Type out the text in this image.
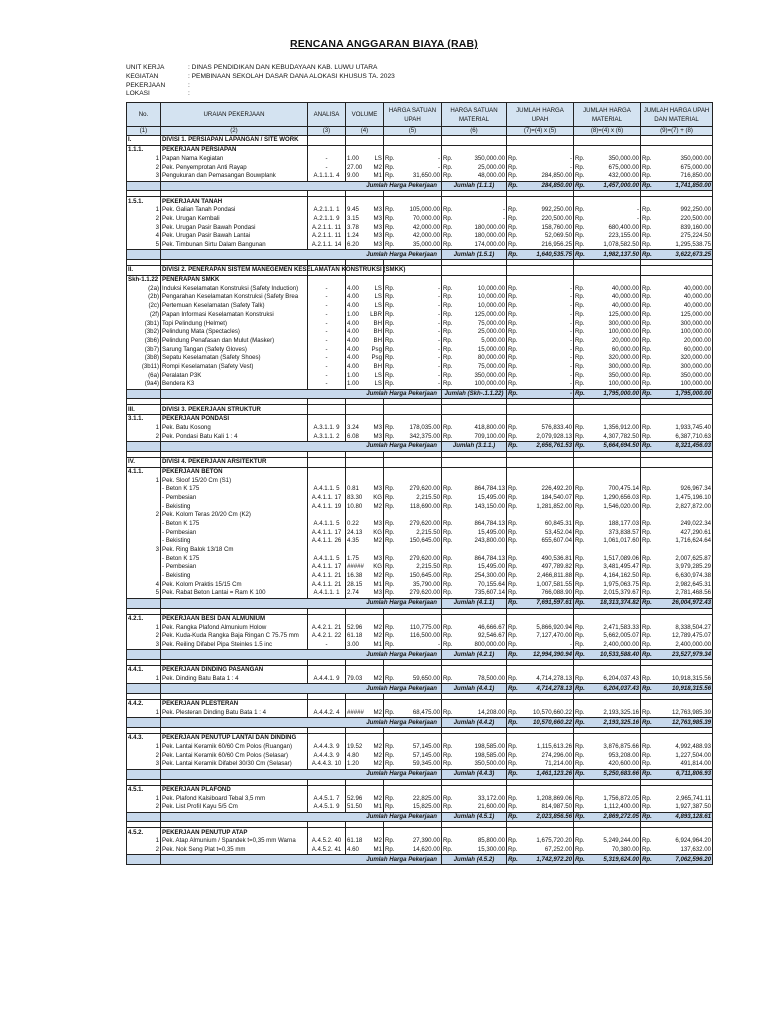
RENCANA ANGGARAN BIAYA (RAB)
UNIT KERJA	: DINAS PENDIDIKAN DAN KEBUDAYAAN KAB. LUWU UTARA
KEGIATAN	: PEMBINAAN SEKOLAH DASAR DANA ALOKASI KHUSUS TA. 2023
PEKERJAAN	:
LOKASI	:
No.	URAIAN PEKERJAAN	ANALISA	VOLUME	HARGA SATUAN UPAH	HARGA SATUAN MATERIAL	JUMLAH HARGA UPAH	JUMLAH HARGA MATERIAL	JUMLAH HARGA UPAH DAN MATERIAL
(1)	(2)	(3)	(4)	(5)	(6)	(7)=(4) x (5)	(8)=(4) x (6)	(9)=(7) + (8)
I.	DIVISI 1. PERSIAPAN LAPANGAN / SITE WORK							
1.1.1.	PEKERJAAN PERSIAPAN							
1	Papan Nama Kegiatan	-	1.00 LS	Rp. -	Rp. 350,000.00	Rp. -	Rp. 350,000.00	Rp. 350,000.00

2	Pek. Penyemprotan Anti Rayap	-	27.00 M2	Rp. -	Rp. 25,000.00	Rp. -	Rp. 675,000.00	Rp. 675,000.00

3	Pengukuran dan Pemasangan Bouwplank	A.1.1.1. 4	9.00 M1	Rp. 31,650.00	Rp. 48,000.00	Rp. 284,850.00	Rp. 432,000.00	Rp. 716,850.00

	Jumlah Harga Pekerjaan				Jumlah (1.1.1)	Rp. 284,850.00	Rp. 1,457,000.00	Rp. 1,741,850.00

1.5.1.	PEKERJAAN TANAH							
1	Pek. Galian Tanah Pondasi	A.2.1.1. 1	9.45 M3	Rp. 105,000.00	Rp. -	Rp. 992,250.00	Rp. -	Rp. 992,250.00

2	Pek. Urugan Kembali	A.2.1.1. 9	3.15 M3	Rp. 70,000.00	Rp. -	Rp. 220,500.00	Rp. -	Rp. 220,500.00

3	Pek. Urugan Pasir Bawah Pondasi	A.2.1.1. 11	3.78 M3	Rp. 42,000.00	Rp. 180,000.00	Rp. 158,760.00	Rp. 680,400.00	Rp. 839,160.00

4	Pek. Urugan Pasir Bawah Lantai	A.2.1.1. 11	1.24 M3	Rp. 42,000.00	Rp. 180,000.00	Rp. 52,069.50	Rp. 223,155.00	Rp. 275,224.50

5	Pek. Timbunan Sirtu Dalam Bangunan	A.2.1.1. 14	6.20 M3	Rp. 35,000.00	Rp. 174,000.00	Rp. 216,956.25	Rp. 1,078,582.50	Rp. 1,295,538.75

	Jumlah Harga Pekerjaan				Jumlah (1.5.1)	Rp. 1,640,535.75	Rp. 1,982,137.50	Rp. 3,622,673.25

II.	DIVISI 2. PENERAPAN SISTEM MANEGEMEN KESELAMATAN KONSTRUKSI (SMKK)							
Skh-1.1.22	PENERAPAN SMKK							
(2a)	Induksi Keselamatan Konstruksi (Safety Induction)	-	4.00 LS	Rp. -	Rp. 10,000.00	Rp. -	Rp. 40,000.00	Rp. 40,000.00

(2b)	Pengarahan Keselamatan Konstruksi (Safety Brea	-	4.00 LS	Rp. -	Rp. 10,000.00	Rp. -	Rp. 40,000.00	Rp. 40,000.00

(2c)	Pertemuan Keselamatan (Safety Talk)	-	4.00 LS	Rp. -	Rp. 10,000.00	Rp. -	Rp. 40,000.00	Rp. 40,000.00

(2f)	Papan Informasi Keselamatan Konstruksi	-	1.00 LBR	Rp. -	Rp. 125,000.00	Rp. -	Rp. 125,000.00	Rp. 125,000.00

(3b1)	Topi Pelindung (Helmet)	-	4.00 BH	Rp. -	Rp. 75,000.00	Rp. -	Rp. 300,000.00	Rp. 300,000.00

(3b2)	Pelindung Mata (Spectacles)	-	4.00 BH	Rp. -	Rp. 25,000.00	Rp. -	Rp. 100,000.00	Rp. 100,000.00

(3b6)	Pelindung Penafasan dan Mulut (Masker)	-	4.00 BH	Rp. -	Rp. 5,000.00	Rp. -	Rp. 20,000.00	Rp. 20,000.00

(3b7)	Sarung Tangan (Safety Gloves)	-	4.00 Psg	Rp. -	Rp. 15,000.00	Rp. -	Rp. 60,000.00	Rp. 60,000.00

(3b8)	Sepatu Keselamatan (Safety Shoes)	-	4.00 Psg	Rp. -	Rp. 80,000.00	Rp. -	Rp. 320,000.00	Rp. 320,000.00

(3b11)	Rompi Keselamatan (Safety Vest)	-	4.00 BH	Rp. -	Rp. 75,000.00	Rp. -	Rp. 300,000.00	Rp. 300,000.00

(6a)	Peralatan P3K	-	1.00 LS	Rp. -	Rp. 350,000.00	Rp. -	Rp. 350,000.00	Rp. 350,000.00

(9a4)	Bendera K3	-	1.00 LS	Rp. -	Rp. 100,000.00	Rp. -	Rp. 100,000.00	Rp. 100,000.00

	Jumlah Harga Pekerjaan				Jumlah (Skh-.1.1.22)	Rp. -	Rp. 1,795,000.00	Rp. 1,795,000.00

III.	DIVISI 3. PEKERJAAN STRUKTUR							
3.1.1.	PEKERJAAN PONDASI							
1	Pek. Batu Kosong	A.3.1.1. 9	3.24 M3	Rp. 178,035.00	Rp. 418,800.00	Rp. 576,833.40	Rp. 1,356,912.00	Rp. 1,933,745.40

2	Pek. Pondasi Batu Kali 1 : 4	A.3.1.1. 2	6.08 M3	Rp. 342,375.00	Rp. 709,100.00	Rp. 2,079,928.13	Rp. 4,307,782.50	Rp. 6,387,710.63

	Jumlah Harga Pekerjaan				Jumlah (3.1.1.)	Rp. 2,656,761.53	Rp. 5,664,694.50	Rp. 8,321,456.03

IV.	DIVISI 4. PEKERJAAN ARSITEKTUR							
4.1.1.	PEKERJAAN BETON							
1	Pek. Sloof 15/20 Cm (S1)							
	- Beton K 175	A.4.1.1. 5	0.81 M3	Rp. 279,620.00	Rp. 864,784.13	Rp. 226,492.20	Rp. 700,475.14	Rp. 926,967.34

	- Pembesian	A.4.1.1. 17	83.30 KG	Rp. 2,215.50	Rp. 15,495.00	Rp. 184,540.07	Rp. 1,290,656.03	Rp. 1,475,196.10

	- Bekisting	A.4.1.1. 19	10.80 M2	Rp. 118,690.00	Rp. 143,150.00	Rp. 1,281,852.00	Rp. 1,546,020.00	Rp. 2,827,872.00

2	Pek. Kolom Teras 20/20 Cm (K2)							
	- Beton K 175	A.4.1.1. 5	0.22 M3	Rp. 279,620.00	Rp. 864,784.13	Rp. 60,845.31	Rp. 188,177.03	Rp. 249,022.34

	- Pembesian	A.4.1.1. 17	24.13 KG	Rp. 2,215.50	Rp. 15,495.00	Rp. 53,452.04	Rp. 373,838.57	Rp. 427,290.61

	- Bekisting	A.4.1.1. 26	4.35 M2	Rp. 150,645.00	Rp. 243,800.00	Rp. 655,607.04	Rp. 1,061,017.60	Rp. 1,716,624.64

3	Pek. Ring Balok 13/18 Cm							
	- Beton K 175	A.4.1.1. 5	1.75 M3	Rp. 279,620.00	Rp. 864,784.13	Rp. 490,536.81	Rp. 1,517,089.06	Rp. 2,007,625.87

	- Pembesian	A.4.1.1. 17	##### KG	Rp. 2,215.50	Rp. 15,495.00	Rp. 497,789.82	Rp. 3,481,495.47	Rp. 3,979,285.29

	- Bekisting	A.4.1.1. 21	16.38 M2	Rp. 150,645.00	Rp. 254,300.00	Rp. 2,466,811.88	Rp. 4,164,162.50	Rp. 6,630,974.38

4	Pek. Kolom Praktis 15/15 Cm	A.4.1.1. 21	28.15 M1	Rp. 35,790.00	Rp. 70,155.64	Rp. 1,007,581.55	Rp. 1,975,063.75	Rp. 2,982,645.31

5	Pek. Rabat Beton Lantai = Ram K 100	A.4.1.1. 1	2.74 M3	Rp. 279,620.00	Rp. 735,607.14	Rp. 766,088.90	Rp. 2,015,379.67	Rp. 2,781,468.56

	Jumlah Harga Pekerjaan				Jumlah (4.1.1)	Rp. 7,691,597.61	Rp. 18,313,374.82	Rp. 26,004,972.43

4.2.1.	PEKERJAAN BESI DAN ALMUNIUM							
1	Pek. Rangka Plafond Almunium Holow	A.4.2.1. 21	52.96 M2	Rp. 110,775.00	Rp. 46,666.67	Rp. 5,866,920.94	Rp. 2,471,583.33	Rp. 8,338,504.27

2	Pek. Kuda-Kuda Rangka Baja Ringan C 75.75 mm	A.4.2.1. 22	61.18 M2	Rp. 116,500.00	Rp. 92,546.67	Rp. 7,127,470.00	Rp. 5,662,005.07	Rp. 12,789,475.07

3	Pek. Reiling Difabel Pipa Steinles 1.5 inc	-	3.00 M1	Rp. -	Rp. 800,000.00	Rp. -	Rp. 2,400,000.00	Rp. 2,400,000.00

	Jumlah Harga Pekerjaan				Jumlah (4.2.1)	Rp. 12,994,390.94	Rp. 10,533,588.40	Rp. 23,527,979.34

4.4.1.	PEKERJAAN DINDING PASANGAN							
1	Pek. Dinding Batu Bata 1 : 4	A.4.4.1. 9	79.03 M2	Rp. 59,650.00	Rp. 78,500.00	Rp. 4,714,278.13	Rp. 6,204,037.43	Rp. 10,918,315.56

	Jumlah Harga Pekerjaan				Jumlah (4.4.1)	Rp. 4,714,278.13	Rp. 6,204,037.43	Rp. 10,918,315.56

4.4.2.	PEKERJAAN PLESTERAN							
1	Pek. Plesteran Dinding Batu Bata 1 : 4	A.4.4.2. 4	##### M2	Rp. 68,475.00	Rp. 14,208.00	Rp. 10,570,660.22	Rp. 2,193,325.16	Rp. 12,763,985.39

	Jumlah Harga Pekerjaan				Jumlah (4.4.2)	Rp. 10,570,660.22	Rp. 2,193,325.16	Rp. 12,763,985.39

4.4.3.	PEKERJAAN PENUTUP LANTAI DAN DINDING							
1	Pek. Lantai Keramik 60/60 Cm Polos (Ruangan)	A.4.4.3. 9	19.52 M2	Rp. 57,145.00	Rp. 198,585.00	Rp. 1,115,613.26	Rp. 3,876,875.66	Rp. 4,992,488.93

2	Pek. Lantai Keramik 60/60 Cm Polos (Selasar)	A.4.4.3. 9	4.80 M2	Rp. 57,145.00	Rp. 198,585.00	Rp. 274,296.00	Rp. 953,208.00	Rp. 1,227,504.00

3	Pek. Lantai Keramik Difabel 30/30 Cm (Selasar)	A.4.4.3. 10	1.20 M2	Rp. 59,345.00	Rp. 350,500.00	Rp. 71,214.00	Rp. 420,600.00	Rp. 491,814.00

	Jumlah Harga Pekerjaan				Jumlah (4.4.3)	Rp. 1,461,123.26	Rp. 5,250,683.66	Rp. 6,711,806.93

4.5.1.	PEKERJAAN PLAFOND							
1	Pek. Plafond Kalsiboard Tebal 3,5 mm	A.4.5.1. 7	52.96 M2	Rp. 22,825.00	Rp. 33,172.00	Rp. 1,208,869.06	Rp. 1,756,872.05	Rp. 2,965,741.11

2	Pek. List Profil Kayu 5/5 Cm	A.4.5.1. 9	51.50 M1	Rp. 15,825.00	Rp. 21,600.00	Rp. 814,987.50	Rp. 1,112,400.00	Rp. 1,927,387.50

	Jumlah Harga Pekerjaan				Jumlah (4.5.1)	Rp. 2,023,856.56	Rp. 2,869,272.05	Rp. 4,893,128.61

4.5.2.	PEKERJAAN PENUTUP ATAP							
1	Pek. Atap Almunium / Spandek t=0,35 mm Warna	A.4.5.2. 40	61.18 M2	Rp. 27,390.00	Rp. 85,800.00	Rp. 1,675,720.20	Rp. 5,249,244.00	Rp. 6,924,964.20

2	Pek. Nok Seng Plat t=0,35 mm	A.4.5.2. 41	4.60 M1	Rp. 14,620.00	Rp. 15,300.00	Rp. 67,252.00	Rp. 70,380.00	Rp. 137,632.00

	Jumlah Harga Pekerjaan				Jumlah (4.5.2)	Rp. 1,742,972.20	Rp. 5,319,624.00	Rp. 7,062,596.20
